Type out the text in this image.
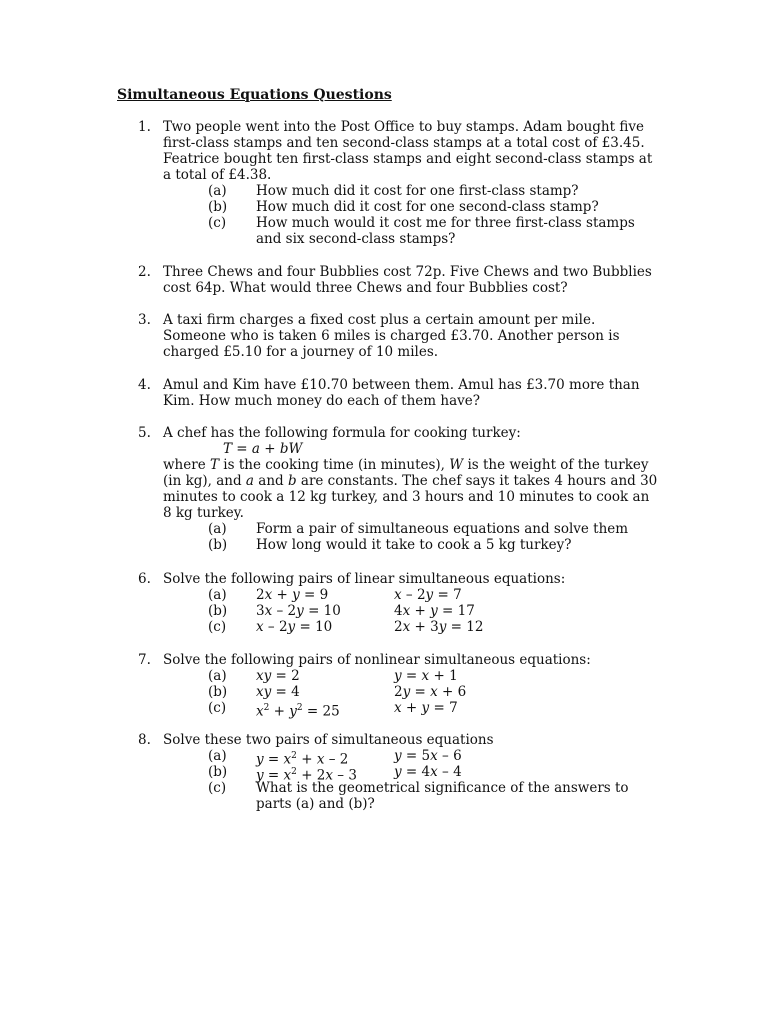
Simultaneous Equations Questions
1. Two people went into the Post Office to buy stamps. Adam bought five first-class stamps and ten second-class stamps at a total cost of £3.45. Featrice bought ten first-class stamps and eight second-class stamps at a total of £4.38.
(a) How much did it cost for one first-class stamp?
(b) How much did it cost for one second-class stamp?
(c) How much would it cost me for three first-class stamps and six second-class stamps?
2. Three Chews and four Bubblies cost 72p. Five Chews and two Bubblies cost 64p. What would three Chews and four Bubblies cost?
3. A taxi firm charges a fixed cost plus a certain amount per mile. Someone who is taken 6 miles is charged £3.70. Another person is charged £5.10 for a journey of 10 miles.
4. Amul and Kim have £10.70 between them. Amul has £3.70 more than Kim. How much money do each of them have?
5. A chef has the following formula for cooking turkey:
T = a + bW
where T is the cooking time (in minutes), W is the weight of the turkey (in kg), and a and b are constants. The chef says it takes 4 hours and 30 minutes to cook a 12 kg turkey, and 3 hours and 10 minutes to cook an 8 kg turkey.
(a) Form a pair of simultaneous equations and solve them
(b) How long would it take to cook a 5 kg turkey?
6. Solve the following pairs of linear simultaneous equations:
(a) 2x + y = 9	x – 2y = 7
(b) 3x – 2y = 10	4x + y = 17
(c) x – 2y = 10	2x + 3y = 12
7. Solve the following pairs of nonlinear simultaneous equations:
(a) xy = 2	y = x + 1
(b) xy = 4	2y = x + 6
(c) $x^2 + y^2 = 25$	x + y = 7
8. Solve these two pairs of simultaneous equations
(a) $y = x^2 + x - 2$	y = 5x – 6
(b) $y = x^2 + 2x - 3$	y = 4x – 4
(c) What is the geometrical significance of the answers to parts (a) and (b)?
